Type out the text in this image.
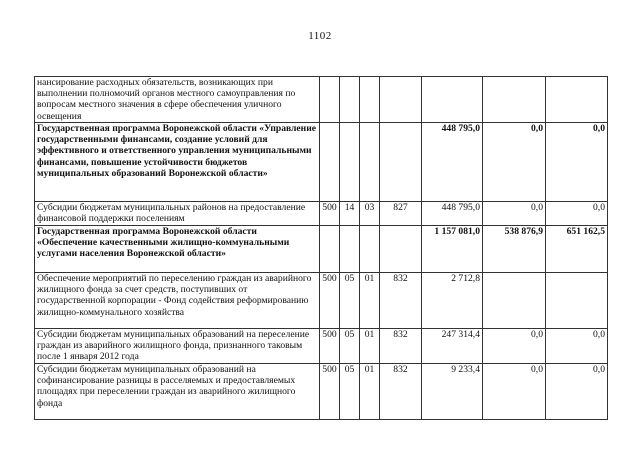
1102
нансирование расходных обязательств, возникающих при выполнении полномочий органов местного самоуправления по вопросам местного значения в сфере обеспечения уличного освещения							
Государственная программа Воронежской области «Управление государственными финансами, создание условий для эффективного и ответственного управления муниципальными финансами, повышение устойчивости бюджетов муниципальных образований Воронежской области»					448 795,0	0,0	0,0
Субсидии бюджетам муниципальных районов на предоставление финансовой поддержки поселениям	500	14	03	827	448 795,0	0,0	0,0
Государственная программа Воронежской области «Обеспечение качественными жилищно-коммунальными услугами населения Воронежской области»					1 157 081,0	538 876,9	651 162,5
Обеспечение мероприятий по переселению граждан из аварийного жилищного фонда за счет средств, поступивших от государственной корпорации - Фонд содействия реформированию жилищно-коммунального хозяйства	500	05	01	832	2 712,8		
Субсидии бюджетам муниципальных образований на переселение граждан из аварийного жилищного фонда, признанного таковым после 1 января 2012 года	500	05	01	832	247 314,4	0,0	0,0
Субсидии бюджетам муниципальных образований на софинансирование разницы в расселяемых и предоставляемых площадях при переселении граждан из аварийного жилищного фонда	500	05	01	832	9 233,4	0,0	0,0
